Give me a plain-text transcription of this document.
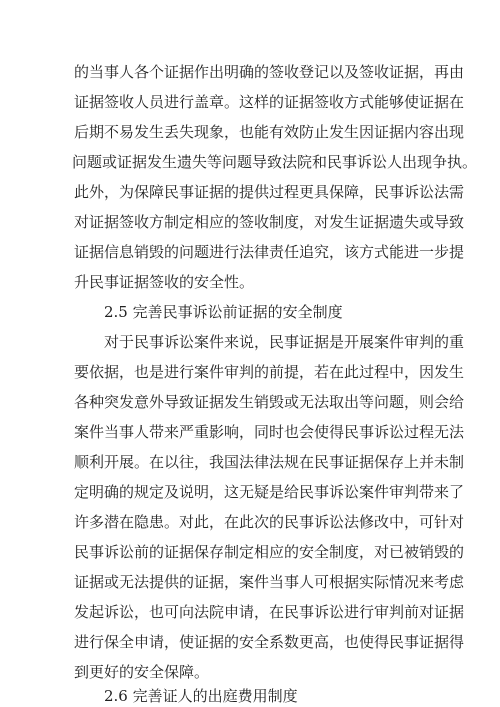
的当事人各个证据作出明确的签收登记以及签收证据，再由
证据签收人员进行盖章。这样的证据签收方式能够使证据在
后期不易发生丢失现象，也能有效防止发生因证据内容出现
问题或证据发生遗失等问题导致法院和民事诉讼人出现争执。
此外，为保障民事证据的提供过程更具保障，民事诉讼法需
对证据签收方制定相应的签收制度，对发生证据遗失或导致
证据信息销毁的问题进行法律责任追究，该方式能进一步提
升民事证据签收的安全性。
2.5 完善民事诉讼前证据的安全制度
对于民事诉讼案件来说，民事证据是开展案件审判的重
要依据，也是进行案件审判的前提，若在此过程中，因发生
各种突发意外导致证据发生销毁或无法取出等问题，则会给
案件当事人带来严重影响，同时也会使得民事诉讼过程无法
顺利开展。在以往，我国法律法规在民事证据保存上并未制
定明确的规定及说明，这无疑是给民事诉讼案件审判带来了
许多潜在隐患。对此，在此次的民事诉讼法修改中，可针对
民事诉讼前的证据保存制定相应的安全制度，对已被销毁的
证据或无法提供的证据，案件当事人可根据实际情况来考虑
发起诉讼，也可向法院申请，在民事诉讼进行审判前对证据
进行保全申请，使证据的安全系数更高，也使得民事证据得
到更好的安全保障。
2.6 完善证人的出庭费用制度
